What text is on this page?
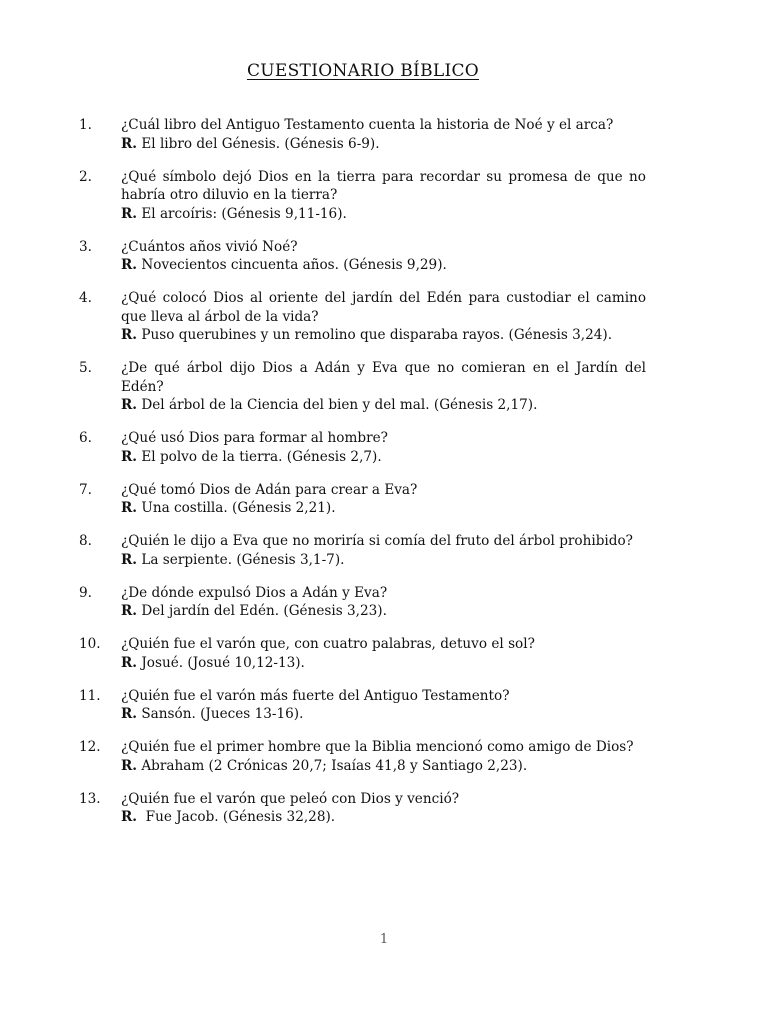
CUESTIONARIO BÍBLICO
1.	¿Cuál libro del Antiguo Testamento cuenta la historia de Noé y el arca?
R. El libro del Génesis. (Génesis 6-9).
2.	¿Qué símbolo dejó Dios en la tierra para recordar su promesa de que no habría otro diluvio en la tierra?
R. El arcoíris: (Génesis 9,11-16).
3.	¿Cuántos años vivió Noé?
R. Novecientos cincuenta años. (Génesis 9,29).
4.	¿Qué colocó Dios al oriente del jardín del Edén para custodiar el camino que lleva al árbol de la vida?
R. Puso querubines y un remolino que disparaba rayos. (Génesis 3,24).
5.	¿De qué árbol dijo Dios a Adán y Eva que no comieran en el Jardín del Edén?
R. Del árbol de la Ciencia del bien y del mal. (Génesis 2,17).
6.	¿Qué usó Dios para formar al hombre?
R. El polvo de la tierra. (Génesis 2,7).
7.	¿Qué tomó Dios de Adán para crear a Eva?
R. Una costilla. (Génesis 2,21).
8.	¿Quién le dijo a Eva que no moriría si comía del fruto del árbol prohibido?
R. La serpiente. (Génesis 3,1-7).
9.	¿De dónde expulsó Dios a Adán y Eva?
R. Del jardín del Edén. (Génesis 3,23).
10.	¿Quién fue el varón que, con cuatro palabras, detuvo el sol?
R. Josué. (Josué 10,12-13).
11.	¿Quién fue el varón más fuerte del Antiguo Testamento?
R. Sansón. (Jueces 13-16).
12.	¿Quién fue el primer hombre que la Biblia mencionó como amigo de Dios?
R. Abraham (2 Crónicas 20,7; Isaías 41,8 y Santiago 2,23).
13.	¿Quién fue el varón que peleó con Dios y venció?
R.  Fue Jacob. (Génesis 32,28).
1
